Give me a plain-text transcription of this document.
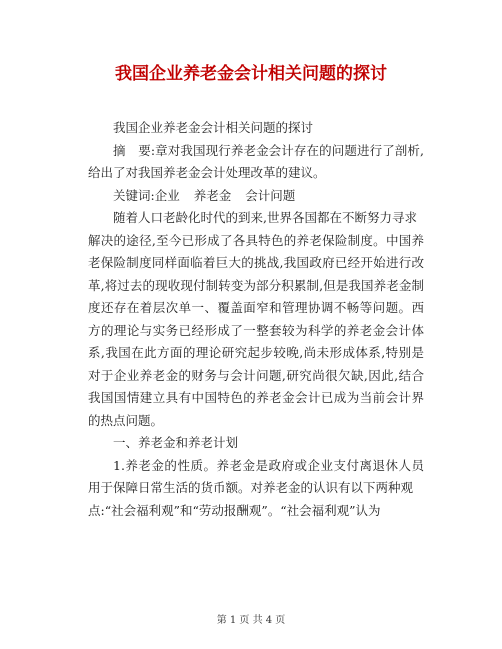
我国企业养老金会计相关问题的探讨

我国企业养老金会计相关问题的探讨

摘　要:章对我国现行养老金会计存在的问题进行了剖析,给出了对我国养老金会计处理改革的建议。

关键词:企业 养老金 会计问题

随着人口老龄化时代的到来,世界各国都在不断努力寻求

解决的途径,至今已形成了各具特色的养老保险制度。中国养老保险制度同样面临着巨大的挑战,我国政府已经开始进行改革,将过去的现收现付制转变为部分积累制,但是我国养老金制度还存在着层次单一、覆盖面窄和管理协调不畅等问题。西方的理论与实务已经形成了一整套较为科学的养老金会计体系,我国在此方面的理论研究起步较晚,尚未形成体系,特别是对于企业养老金的财务与会计问题,研究尚很欠缺,因此,结合我国国情建立具有中国特色的养老金会计已成为当前会计界的热点问题。

一、养老金和养老计划

1.养老金的性质。养老金是政府或企业支付离退休人员用于保障日常生活的货币额。对养老金的认识有以下两种观

点:“社会福利观”和“劳动报酬观”。“社会福利观”认为

第 1 页 共 4 页
